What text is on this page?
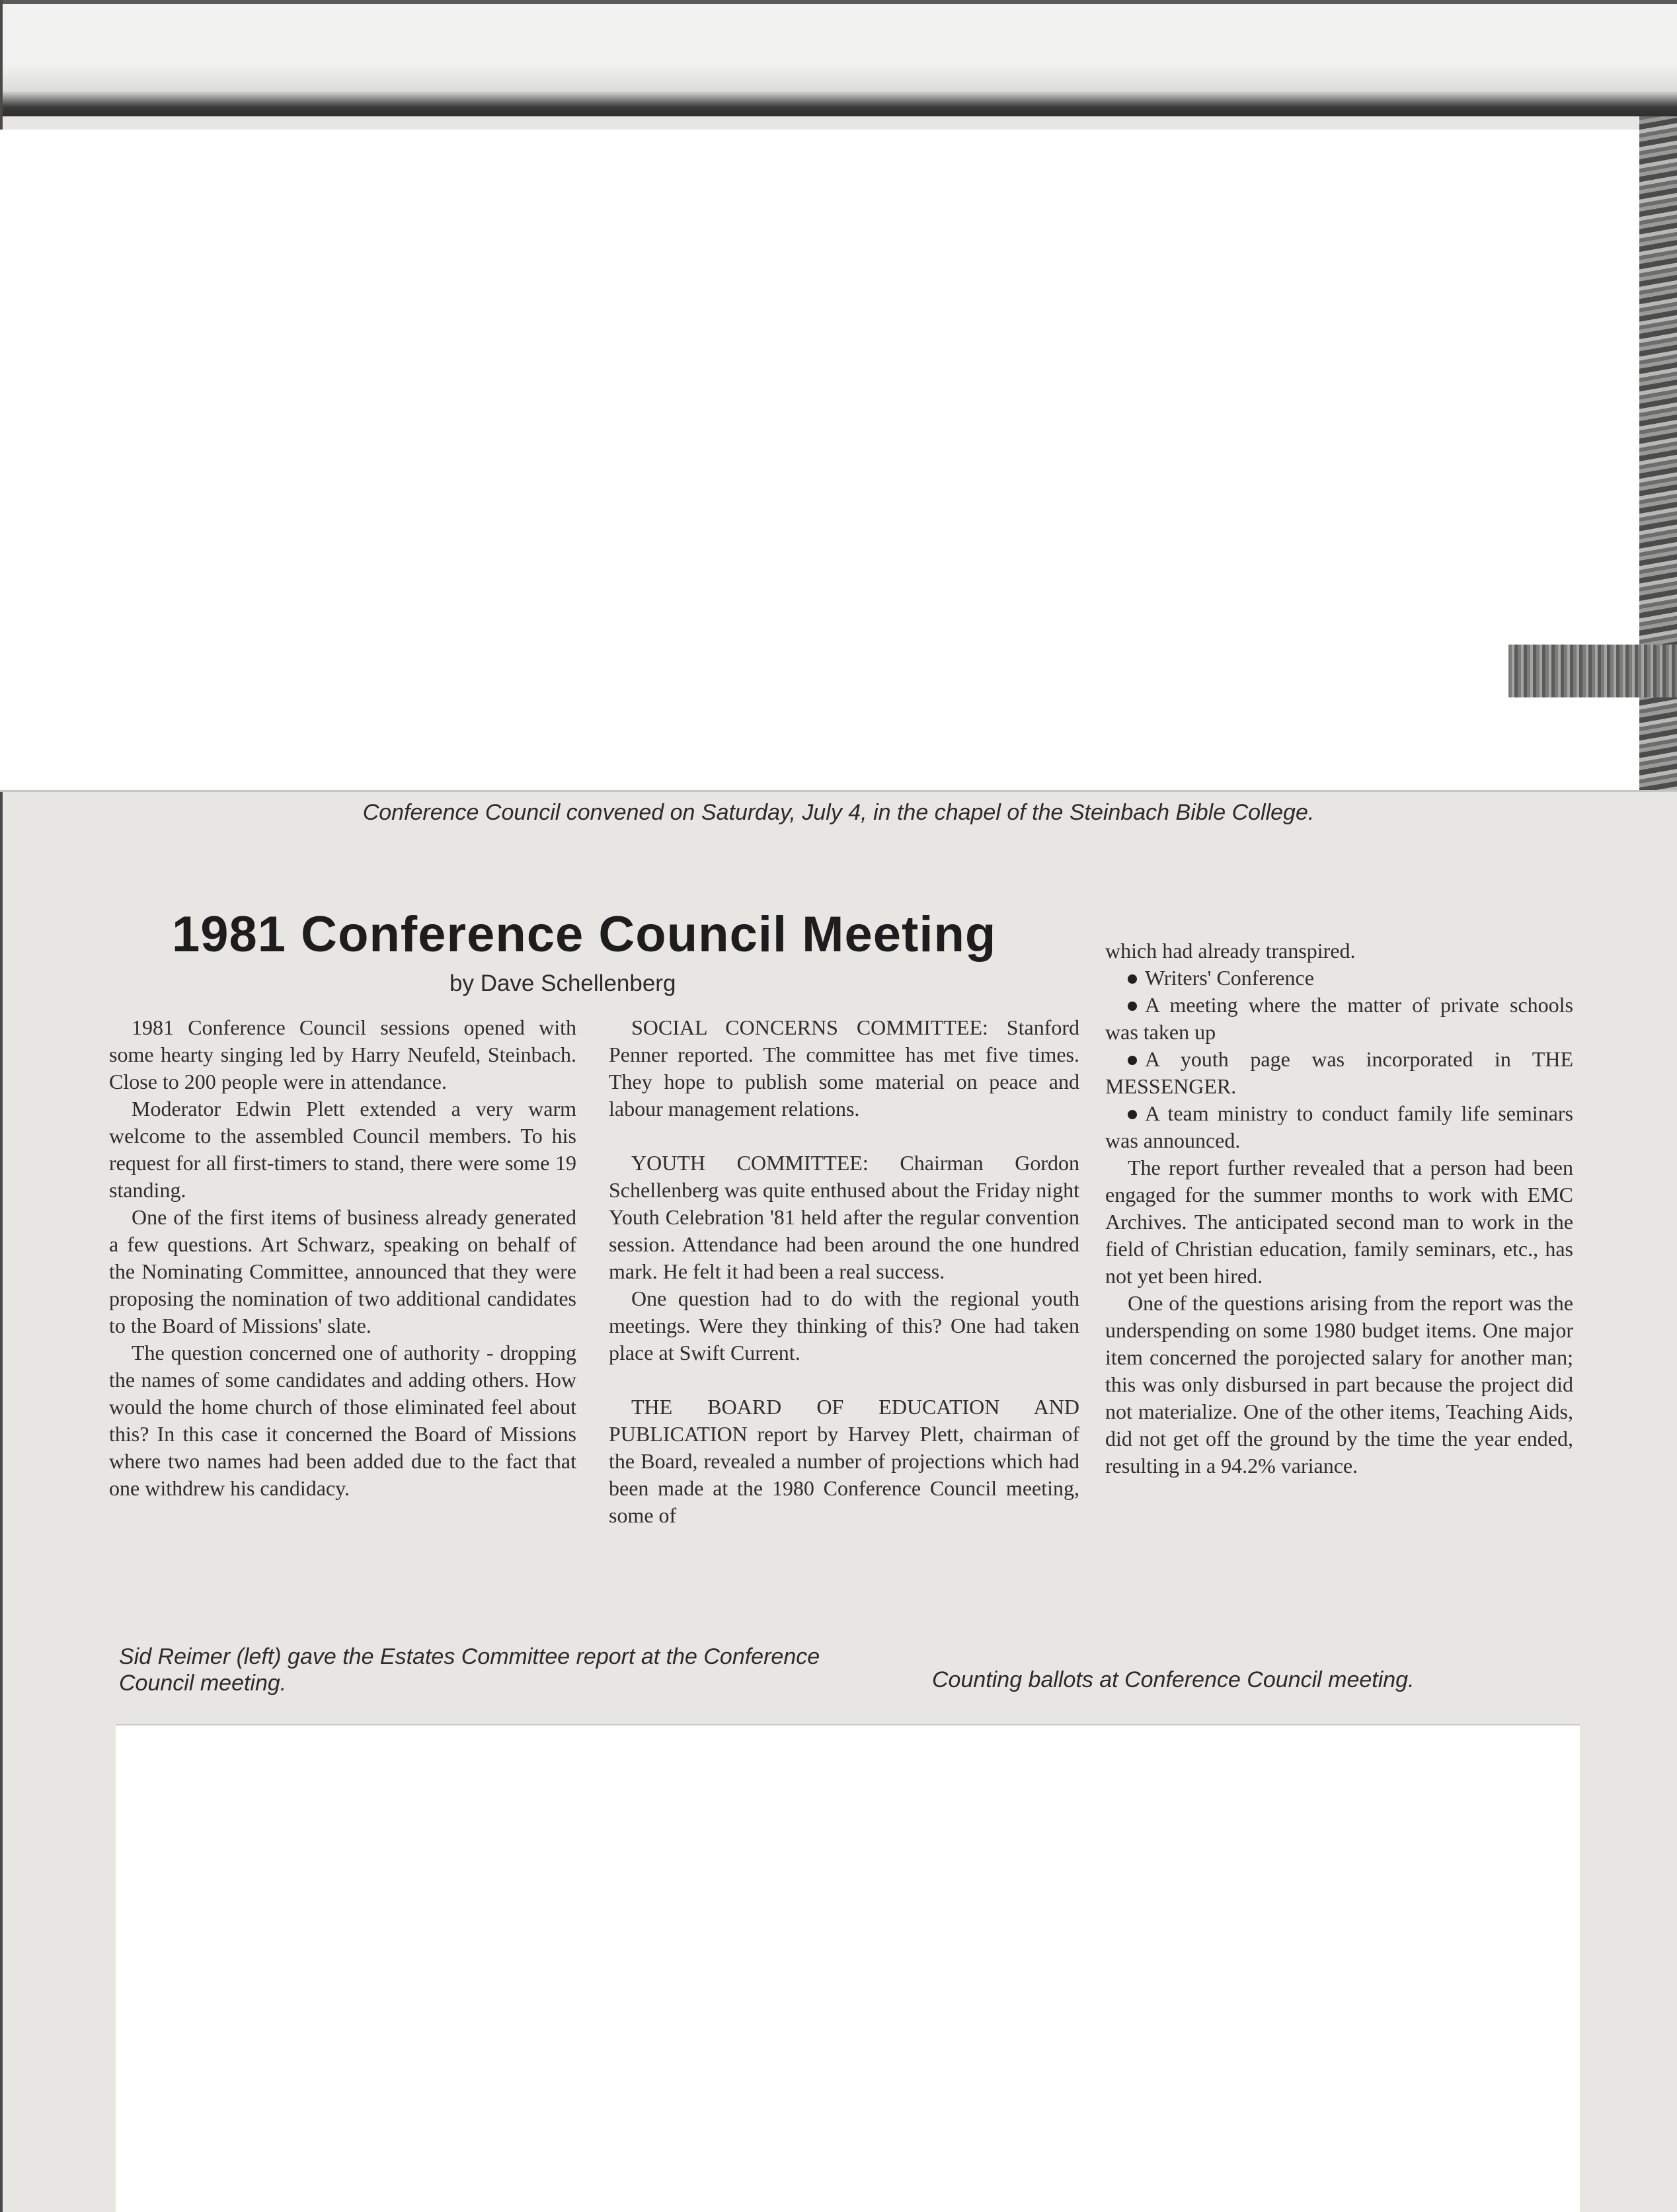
Conference Council convened on Saturday, July 4, in the chapel of the Steinbach Bible College.
1981 Conference Council Meeting
by Dave Schellenberg

1981 Conference Council sessions opened with some hearty singing led by Harry Neufeld, Steinbach. Close to 200 people were in attendance.

Moderator Edwin Plett extended a very warm welcome to the assembled Council members. To his request for all first-timers to stand, there were some 19 standing.

One of the first items of business already generated a few questions. Art Schwarz, speaking on behalf of the Nominating Committee, announced that they were proposing the nomination of two additional candidates to the Board of Missions' slate.

The question concerned one of authority - dropping the names of some candidates and adding others. How would the home church of those eliminated feel about this? In this case it concerned the Board of Missions where two names had been added due to the fact that one withdrew his candidacy.

SOCIAL CONCERNS COMMITTEE: Stanford Penner reported. The committee has met five times. They hope to publish some material on peace and labour management relations.

YOUTH COMMITTEE: Chairman Gordon Schellenberg was quite enthused about the Friday night Youth Celebration '81 held after the regular convention session. Attendance had been around the one hundred mark. He felt it had been a real success.

One question had to do with the regional youth meetings. Were they thinking of this? One had taken place at Swift Current.

THE BOARD OF EDUCATION AND PUBLICATION report by Harvey Plett, chairman of the Board, revealed a number of projections which had been made at the 1980 Conference Council meeting, some of

which had already transpired.

Writers' Conference

A meeting where the matter of private schools was taken up

A youth page was incorporated in THE MESSENGER.

A team ministry to conduct family life seminars was announced.

The report further revealed that a person had been engaged for the summer months to work with EMC Archives. The anticipated second man to work in the field of Christian education, family seminars, etc., has not yet been hired.

One of the questions arising from the report was the underspending on some 1980 budget items. One major item concerned the porojected salary for another man; this was only disbursed in part because the project did not materialize. One of the other items, Teaching Aids, did not get off the ground by the time the year ended, resulting in a 94.2% variance.

Sid Reimer (left) gave the Estates Committee report at the Conference Council meeting.	Counting ballots at Conference Council meeting.
